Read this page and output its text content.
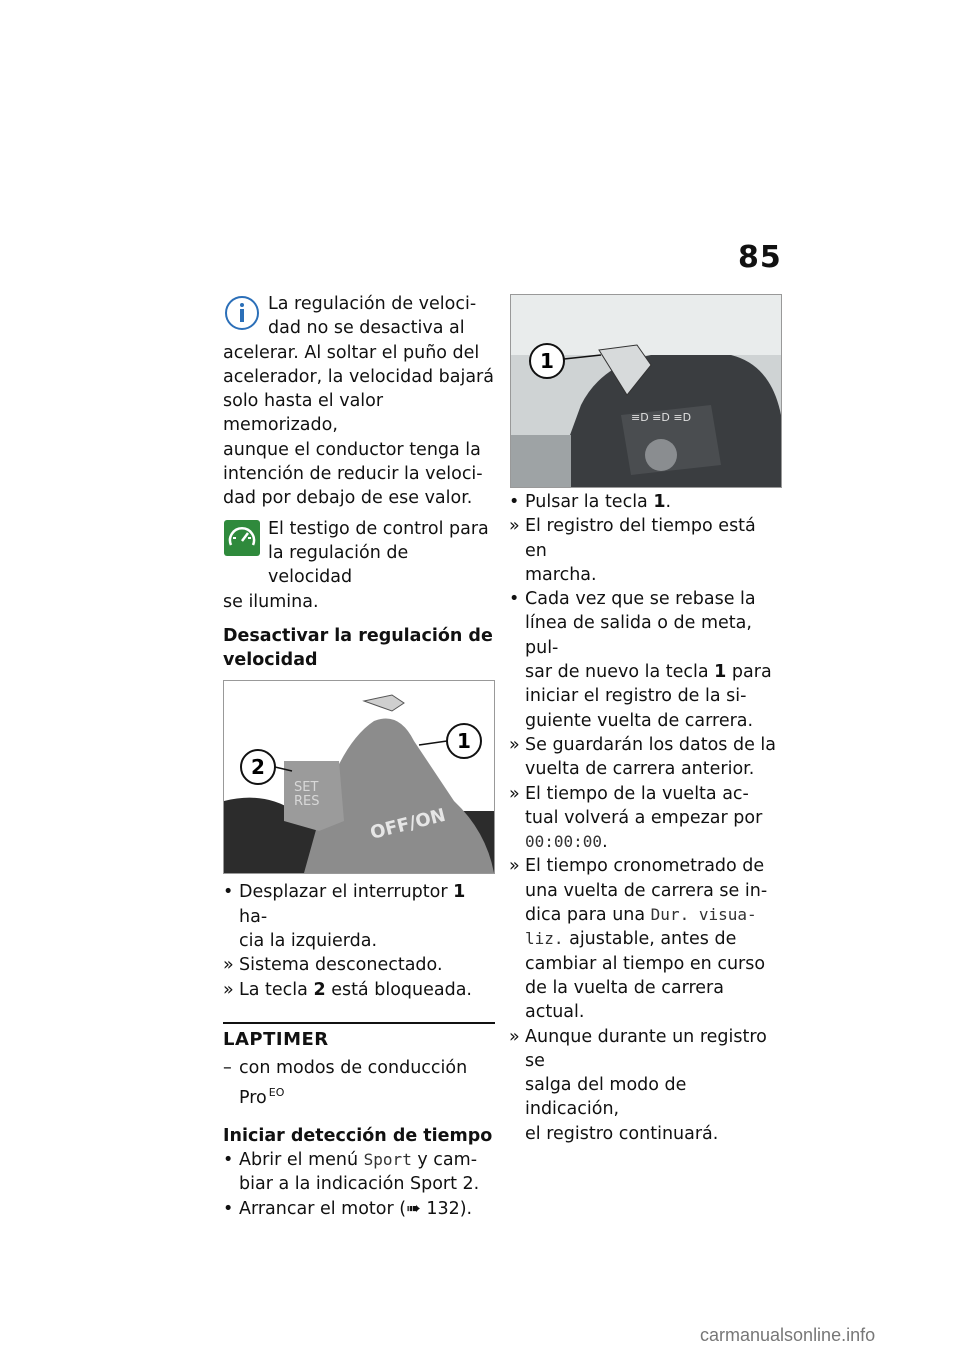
85
La regulación de veloci-
dad no se desactiva al

acelerar. Al soltar el puño del
acelerador, la velocidad bajará
solo hasta el valor memorizado,
aunque el conductor tenga la
intención de reducir la veloci-
dad por debajo de ese valor.
El testigo de control para
la regulación de velocidad

se ilumina.

Desactivar la regulación de
velocidad

2
1
SET
RES
OFF/ON
• Desplazar el interruptor 1 ha-
cia la izquierda.
» Sistema desconectado.
» La tecla 2 está bloqueada.

LAPTIMER

– con modos de conducción
Pro $^{EO}$

Iniciar detección de tiempo

• Abrir el menú Sport y cam-
biar a la indicación Sport 2.
• Arrancar el motor (➠ 132).
1
≡D ≡D ≡D
• Pulsar la tecla 1.
» El registro del tiempo está en
marcha.
• Cada vez que se rebase la
línea de salida o de meta, pul-
sar de nuevo la tecla 1 para
iniciar el registro de la si-
guiente vuelta de carrera.
» Se guardarán los datos de la
vuelta de carrera anterior.
» El tiempo de la vuelta ac-
tual volverá a empezar por
00:00:00.
» El tiempo cronometrado de
una vuelta de carrera se in-
dica para una Dur. visua-
liz. ajustable, antes de
cambiar al tiempo en curso
de la vuelta de carrera actual.
» Aunque durante un registro se
salga del modo de indicación,
el registro continuará.
carmanualsonline.info
